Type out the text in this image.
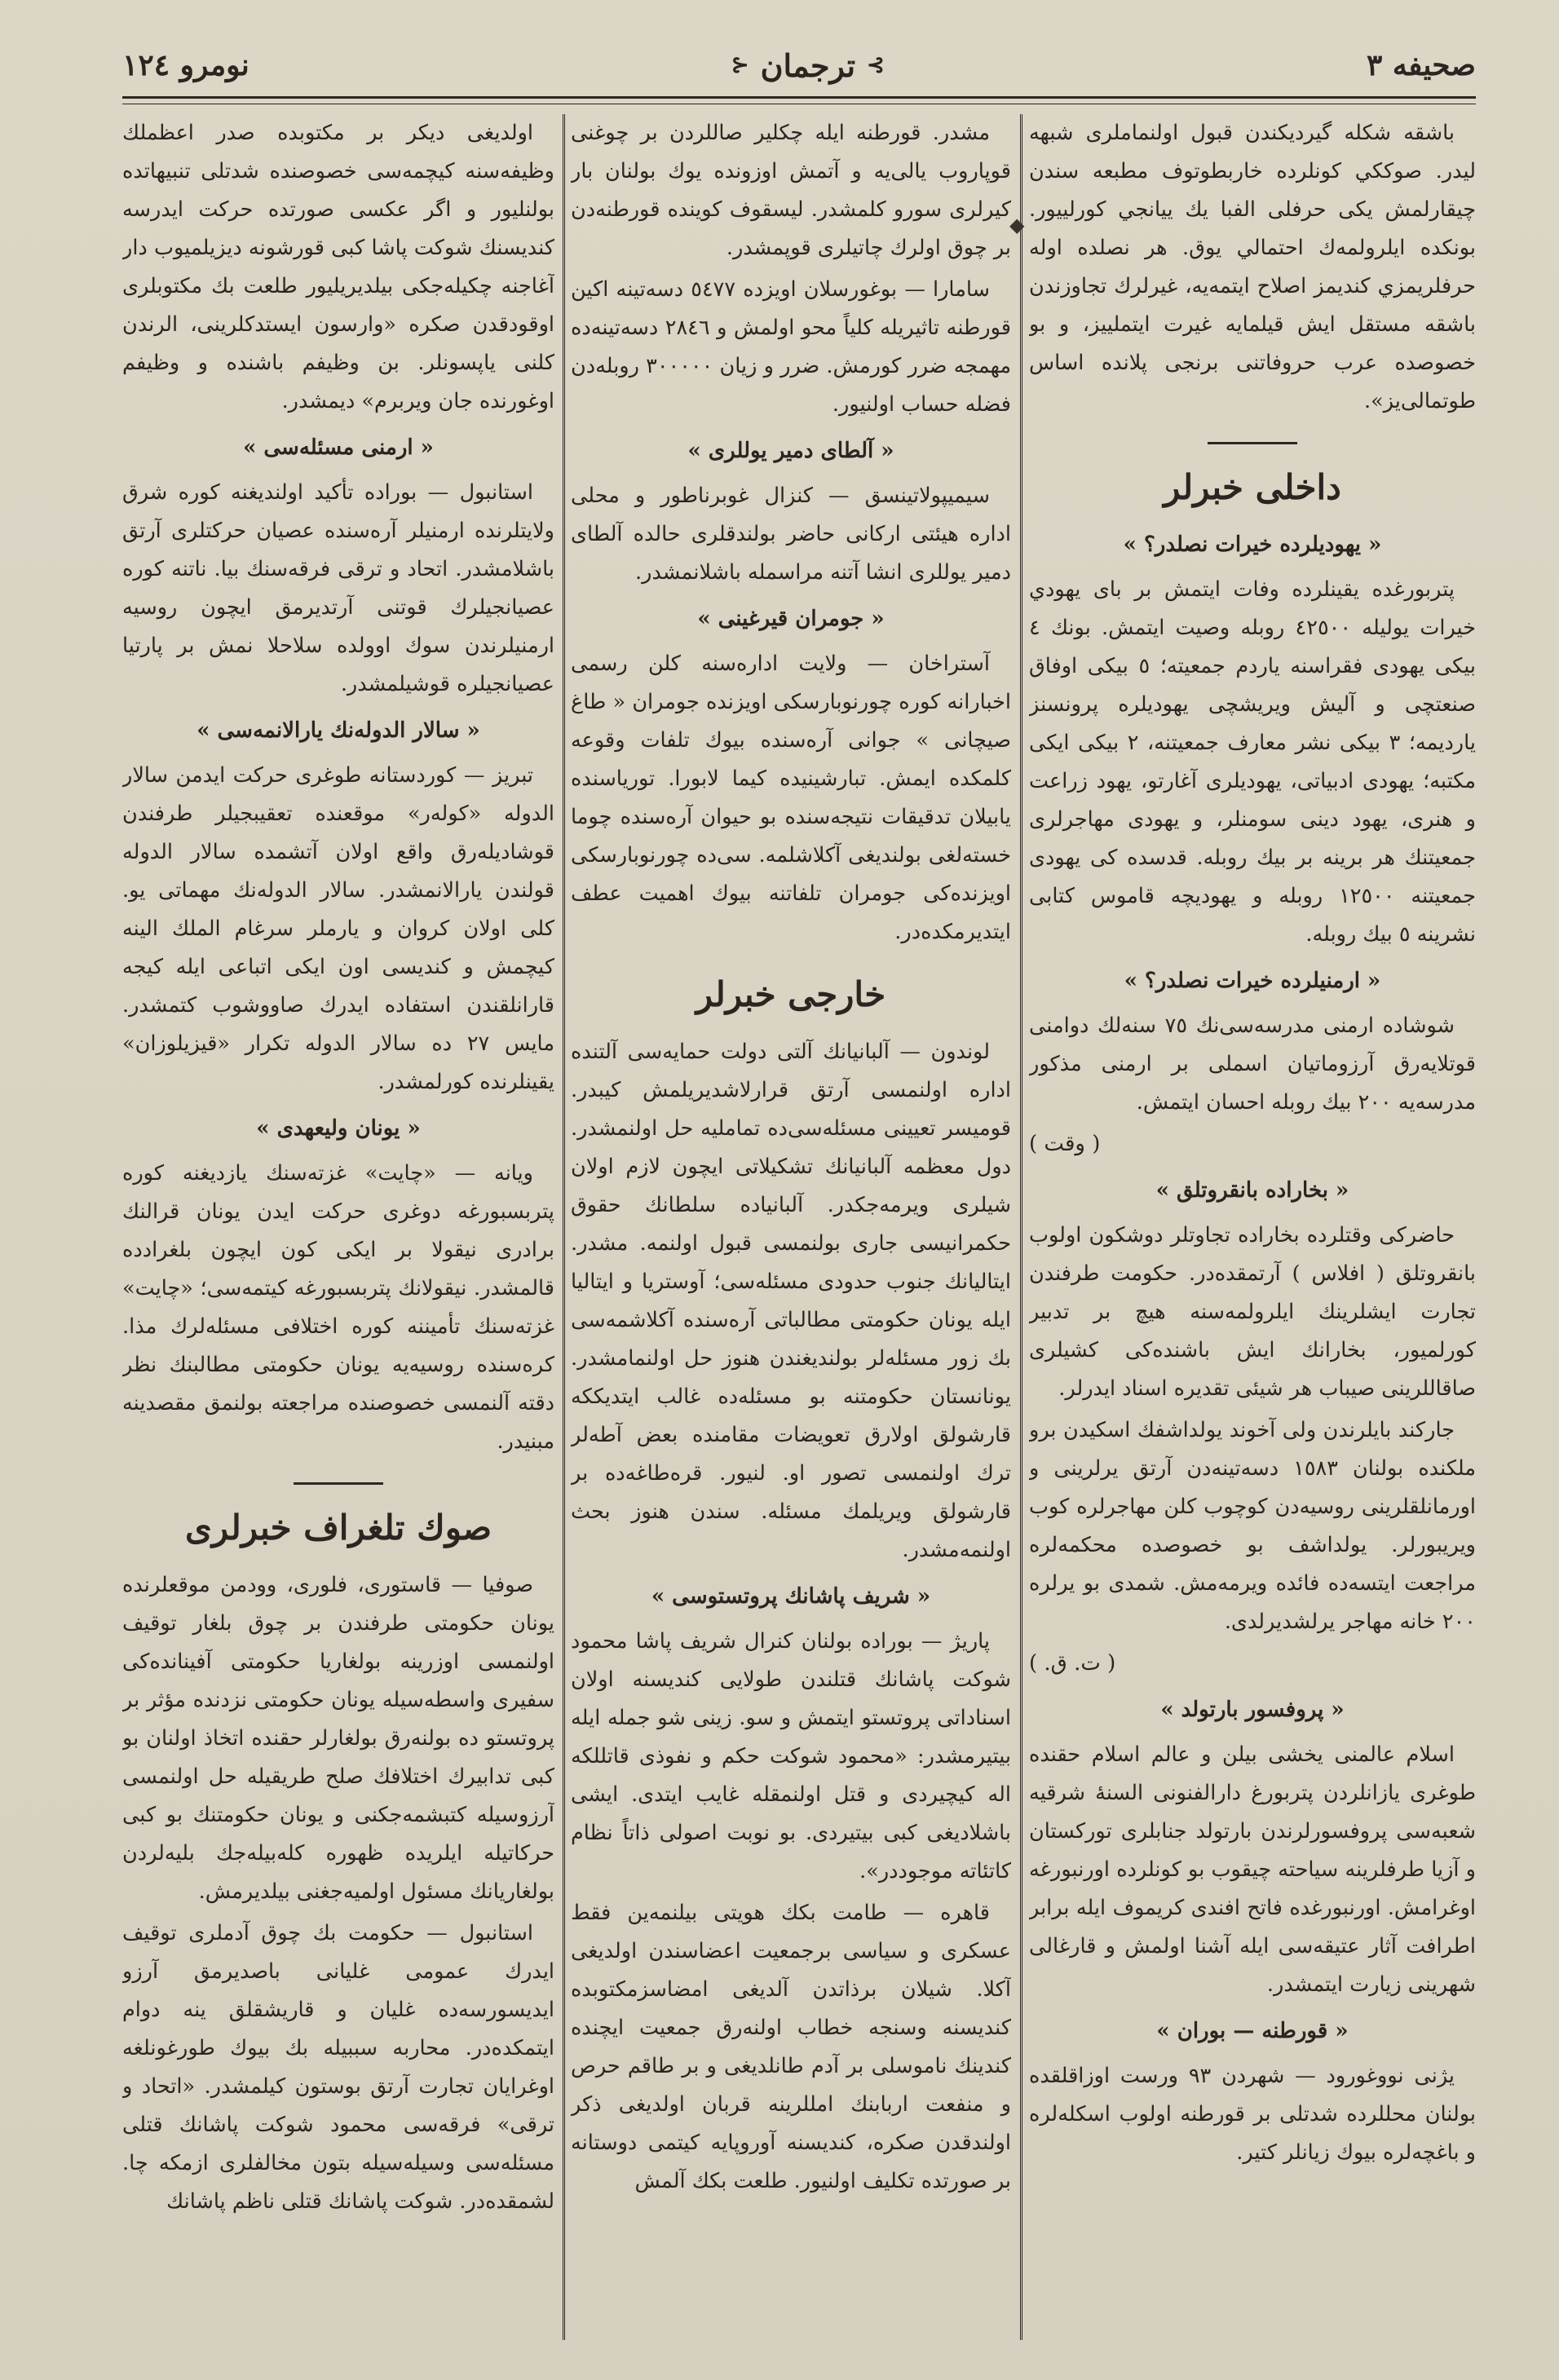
صحیفه ٣
⊱
ترجمان
⊰
نومرو ١٢٤

باشقه شكله گیرديكندن قبول اولنماملری شبهه لیدر. صوككي كونلرده خاربطوتوف مطبعه سندن چیقارلمش یكی حرفلی الفبا یك ییانجي كورلیيور. بونكده ایلرولمه‌ك احتمالي يوق. هر نصلده اوله حرفلریمزي كندیمز اصلاح ایتمه‌یه، غیرلرك تجاوزندن باشقه مستقل ایش قیلمایه غیرت ايتمليیز، و بو خصوصده عرب حروفاتنی برنجی پلانده اساس طوتمالی‌یز».

داخلی خبرلر
« يهودیلرده خیرات نصلدر؟ »

پتربورغده یقینلرده وفات ایتمش بر بای يهودي خیرات یولیله ٤٢٥٠٠ روبله وصیت ایتمش. بونك ٤ بیكی يهودی فقراسنه یاردم جمعیته؛ ٥ بیكی اوفاق صنعتچی و آلیش ویریشچی يهودیلره پرونسنز یاردیمه؛ ٣ بیكی نشر معارف جمعیتنه، ٢ بیكی ایكی مكتبه؛ يهودی ادبیاتی، يهودیلری آغارتو، يهود زراعت و هنری، يهود دینی سومنلر، و يهودی مهاجرلری جمعیتنك هر برینه بر بیك روبله. قدسده كی يهودی جمعیتنه ١٢٥٠٠ روبله و يهودیچه قاموس كتابی نشرینه ٥ بیك روبله.

« ارمنیلرده خیرات نصلدر؟ »

شوشاده ارمنی مدرسه‌سی‌نك ٧٥ سنه‌لك دوامنی قوتلایه‌رق آرزوماتیان اسملی بر ارمنی مذكور مدرسه‌یه ٢٠٠ بیك روبله احسان ایتمش.

( وقت )

« بخاراده بانقروتلق »

حاضركی وقتلرده بخاراده تجاوتلر دوشكون اولوب بانقروتلق ( افلاس ) آرتمقده‌در. حكومت طرفندن تجارت ایشلرینك ايلرولمه‌سنه هیچ بر تدبیر كورلمیور، بخارانك ایش باشنده‌كی كشیلری صاقاللرینی صیباب هر شیئی تقدیره اسناد ایدرلر.

جاركند بایلرندن ولی آخوند یولداشفك اسكیدن برو ملكنده بولنان ١٥٨٣ دسه‌تینه‌دن آرتق یرلرینی و اورمانلقلرینی روسیه‌دن كوچوب كلن مهاجرلره كوب ويریبورلر. یولداشف بو خصوصده محكمه‌لره مراجعت ایتسه‌ده فائده ویرمه‌مش. شمدی بو یرلره ٢٠٠ خانه مهاجر یرلشدیرلدی.

( ت. ق. )

« پروفسور بارتولد »

اسلام عالمنی یخشی بیلن و عالم اسلام حقنده طوغری یازانلردن پتربورغ دارالفنونی السنهٔ شرقیه شعبه‌سی پروفسورلرندن بارتولد جنابلری توركستان و آزیا طرفلرینه سیاحته چیقوب بو كونلرده اورنبورغه اوغرامش. اورنبورغده فاتح افندی كریموف ایله برابر اطرافت آثار عتیقه‌سی ایله آشنا اولمش و قارغالی شهرینی زیارت ایتمشدر.

« قورطنه — بوران »

یژنی نووغورود — شهردن ٩٣ ورست اوزاقلقده بولنان محللرده شدتلی بر قورطنه اولوب اسكله‌لره و باغچه‌لره بیوك زیانلر كتیر.

مشدر. قورطنه ایله چكلیر صاللردن بر چوغنی قوپاروب یالی‌یه و آتمش اوزونده یوك بولنان بار كیرلری سورو كلمشدر. لیسقوف كوینده قورطنه‌دن بر چوق اولرك چاتیلری قوپمشدر.

سامارا — بوغورسلان اویزده ٥٤٧٧ دسه‌تینه اكین قورطنه تاثیریله كلیاً محو اولمش و ٢٨٤٦ دسه‌تینه‌ده مهمجه ضرر كورمش. ضرر و زیان ٣٠٠٠٠٠ روبله‌دن فضله حساب اولنیور.

« آلطای دمیر یوللری »

سیمیپولاتینسق — كنزال غوبرناطور و محلی اداره هیئتی اركانی حاضر بولندقلری حالده آلطای دمیر یوللری انشا آتنه مراسمله باشلانمشدر.

« جومران قیرغینی »

آستراخان — ولایت اداره‌سنه كلن رسمی اخبارانه كوره چورنوبارسكی اویزنده جومران « طاغ صیچانی » جوانی آره‌سنده بیوك تلفات وقوعه كلمكده ایمش. تبارشینیده كیما لابورا. توریاسنده یابیلان تدقیقات نتیجه‌سنده بو حیوان آره‌سنده چوما خسته‌لغی بولندیغی آكلاشلمه. سی‌ده چورنوبارسكی اویزنده‌كی جومران تلفاتنه بیوك اهمیت عطف ایتدیرمكده‌در.

خارجی خبرلر

لوندون — آلبانیانك آلتی دولت حمایه‌سی آلتنده اداره اولنمسی آرتق قرارلاشدیریلمش كیبدر. قومیسر تعیینی مسئله‌سی‌ده تماملیه حل اولنمشدر. دول معظمه آلبانیانك تشكیلاتی ایچون لازم اولان شیلری ویرمه‌جكدر. آلبانیاده سلطانك حقوق حكمرانیسی جاری بولنمسی قبول اولنمه. مشدر. ایتالیانك جنوب حدودی مسئله‌سی؛ آوستریا و ایتالیا ایله یونان حكومتی مطالباتی آره‌سنده آكلاشمه‌سی بك زور مسئله‌لر بولندیغندن هنوز حل اولنمامشدر. یونانستان حكومتنه بو مسئله‌ده غالب ایتدیككه قارشولق اولارق تعویضات مقامنده بعض آطه‌لر ترك اولنمسی تصور او. لنیور. قره‌طاغه‌ده بر قارشولق ویریلمك مسئله. سندن هنوز بحث اولنمه‌مشدر.

« شریف پاشانك پروتستوسی »

پاریژ — بوراده بولنان كنرال شریف پاشا محمود شوكت پاشانك قتلندن طولایی كندیسنه اولان اسناداتی پروتستو ایتمش و سو. زینی شو جمله ایله بیتیرمشدر: «محمود شوكت حكم و نفوذی قاتللكه اله كیچیردی و قتل اولنمقله غایب ایتدی. ایشی باشلادیغی كبی بیتیردی. بو نوبت اصولی ذاتاً نظام كاتئاته موجوددر».

قاهره — طامت بكك هویتی بیلنمه‌ین فقط عسكری و سیاسی برجمعیت اعضاسندن اولدیغی آكلا. شیلان برذاتدن آلدیغی امضاسزمكتوبده كندیسنه وسنجه خطاب اولنه‌رق جمعیت ایچنده كندینك ناموسلی بر آدم طانلدیغی و بر طاقم حرص و منفعت اربابنك امللرینه قربان اولدیغی ذكر اولندقدن صكره، كندیسنه آوروپایه كیتمی دوستانه بر صورتده تكلیف اولنیور. طلعت بكك آلمش

اولدیغی دیكر بر مكتوبده صدر اعظملك وظیفه‌سنه كیچمه‌سی خصوصنده شدتلی تنبیهاتده بولنلیور و اگر عكسی صورتده حركت ایدرسه كندیسنك شوكت پاشا كبی قورشونه دیزیلمیوب دار آغاجنه چكیله‌جكی بیلدیریلیور طلعت بك مكتوبلری اوقودقدن صكره «وارسون ایستدكلرینی، الرندن كلنی یاپسونلر. بن وظیفم باشنده و وظیفم اوغورنده جان ویربرم» دیمشدر.

« ارمنی مسئله‌سی »

استانبول — بوراده تأكید اولندیغنه كوره شرق ولایتلرنده ارمنیلر آره‌سنده عصیان حركتلری آرتق باشلامشدر. اتحاد و ترقی فرقه‌سنك بیا. ناتنه كوره عصیانجیلرك قوتنی آرتدیرمق ایچون روسیه ارمنیلرندن سوك اوولده سلاحلا نمش بر پارتیا عصیانجیلره قوشیلمشدر.

« سالار الدوله‌نك یارالانمه‌سی »

تبریز — كوردستانه طوغری حركت ایدمن سالار الدوله «كوله‌ر» موقعنده تعقیبجیلر طرفندن قوشادیله‌رق واقع اولان آتشمده سالار الدوله قولندن یارالانمشدر. سالار الدوله‌نك مهماتی یو. كلی اولان كروان و یارملر سرغام الملك الینه كیچمش و كندیسی اون ایكی اتباعی ایله كیجه قارانلقندن استفاده ایدرك صاووشوب كتمشدر. مایس ٢٧ ده سالار الدوله تكرار «قیزیلوزان» یقینلرنده كورلمشدر.

« یونان ولیعهدی »

ویانه — «چایت» غزته‌سنك یازدیغنه كوره پتربسبورغه دوغری حركت ایدن یونان قرالنك برادری نیقولا بر ایكی كون ایچون بلغرادده قالمشدر. نیقولانك پتربسبورغه كیتمه‌سی؛ «چایت» غزته‌سنك تأمیننه كوره اختلافی مسئله‌لرك مذا. كره‌سنده روسیه‌یه یونان حكومتی مطالبنك نظر دقته آلنمسی خصوصنده مراجعته بولنمق مقصدینه مبنیدر.

صوك تلغراف خبرلری

صوفیا — قاستوری، فلوری، وودمن موقعلرنده یونان حكومتی طرفندن بر چوق بلغار توقیف اولنمسی اوزرینه بولغاریا حكومتی آفینانده‌كی سفیری واسطه‌سیله یونان حكومتی نزدنده مؤثر بر پروتستو ده بولنه‌رق بولغارلر حقنده اتخاذ اولنان بو كبی تدابیرك اختلافك صلح طریقیله حل اولنمسی آرزوسیله كتبشمه‌جكنی و یونان حكومتنك بو كبی حركاتیله ایلریده ظهوره كله‌بیله‌جك بلیه‌لردن بولغاریانك مسئول اولمیه‌جغنی بیلدیرمش.

استانبول — حكومت بك چوق آدملری توقیف ایدرك عمومی غلیانی باصدیرمق آرزو ایدیسورسه‌ده غلیان و قاریشقلق ینه دوام ایتمكده‌در. محاربه سببیله بك بیوك طورغونلغه اوغرایان تجارت آرتق بوستون كیلمشدر. «اتحاد و ترقی» فرقه‌سی محمود شوكت پاشانك قتلی مسئله‌سی وسیله‌سیله بتون مخالفلری ازمكه چا. لشمقده‌در. شوكت پاشانك قتلی ناظم پاشانك

◆
